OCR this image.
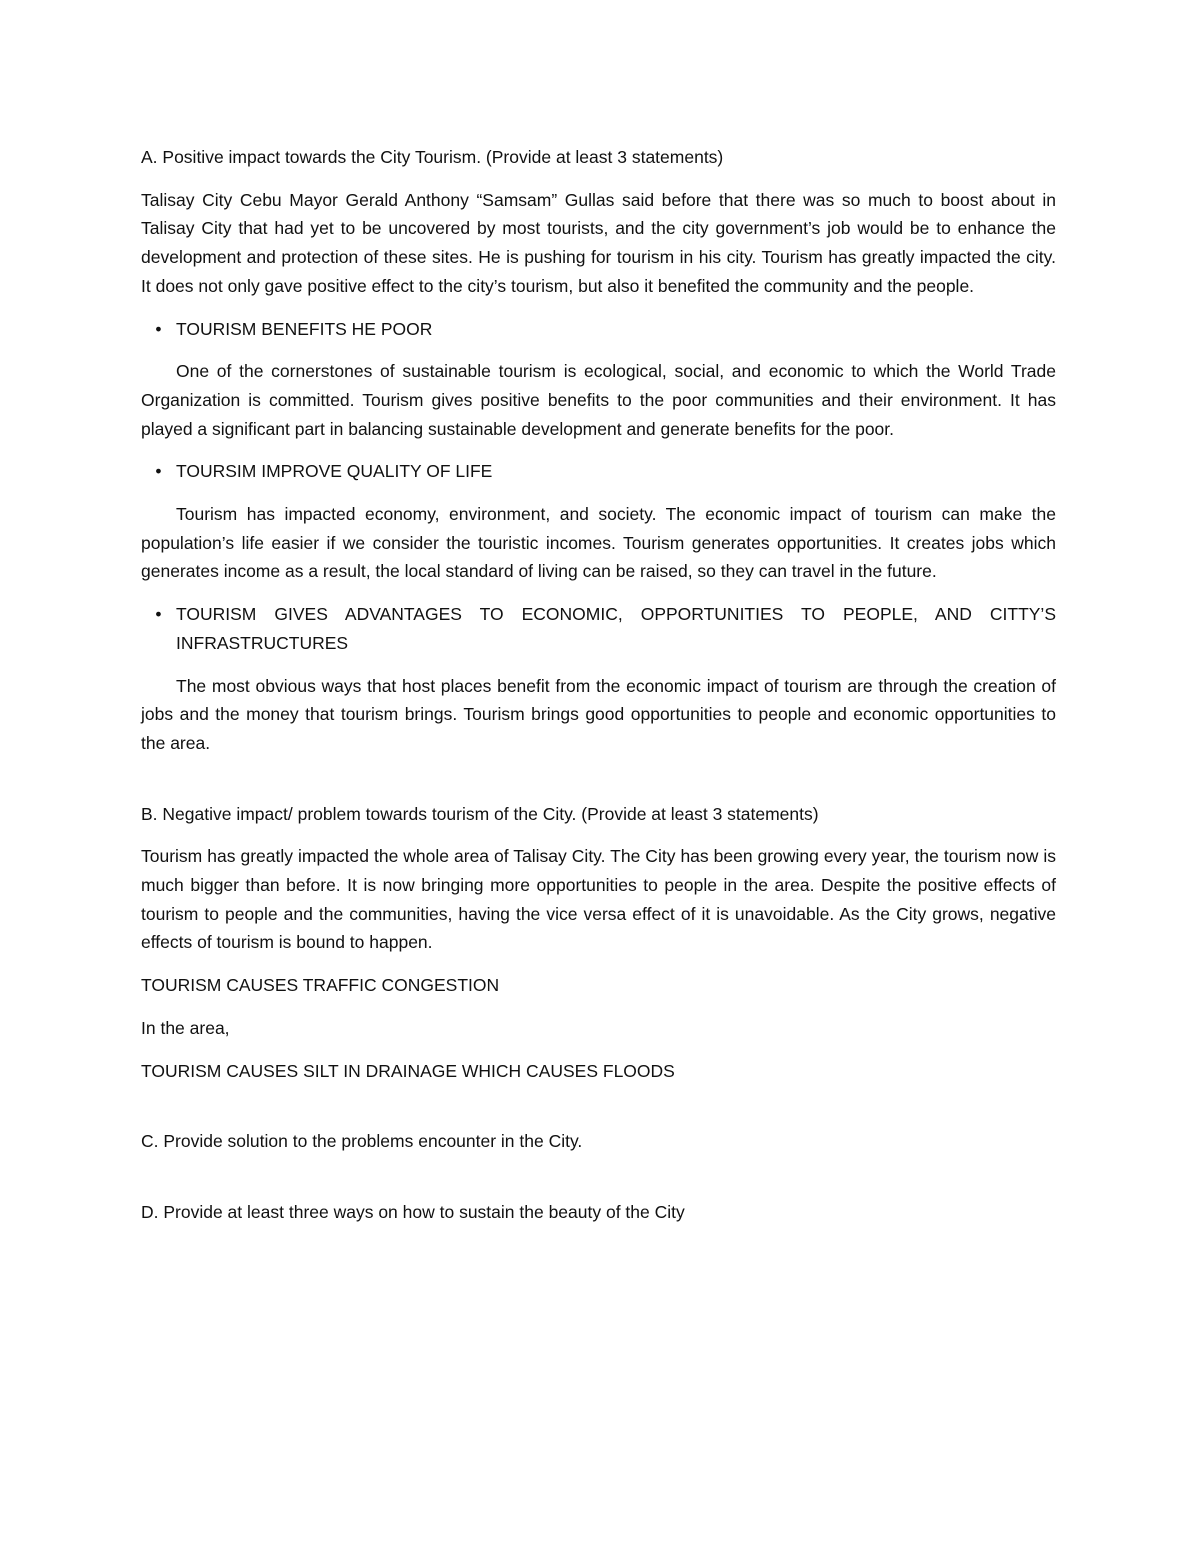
A. Positive impact towards the City Tourism. (Provide at least 3 statements)

Talisay City Cebu Mayor Gerald Anthony “Samsam” Gullas said before that there was so much to boost about in Talisay City that had yet to be uncovered by most tourists, and the city government’s job would be to enhance the development and protection of these sites. He is pushing for tourism in his city. Tourism has greatly impacted the city. It does not only gave positive effect to the city’s tourism, but also it benefited the community and the people.

• TOURISM BENEFITS HE POOR

One of the cornerstones of sustainable tourism is ecological, social, and economic to which the World Trade Organization is committed. Tourism gives positive benefits to the poor communities and their environment. It has played a significant part in balancing sustainable development and generate benefits for the poor.

• TOURSIM IMPROVE QUALITY OF LIFE

Tourism has impacted economy, environment, and society. The economic impact of tourism can make the population’s life easier if we consider the touristic incomes. Tourism generates opportunities. It creates jobs which generates income as a result, the local standard of living can be raised, so they can travel in the future.

• TOURISM GIVES ADVANTAGES TO ECONOMIC, OPPORTUNITIES TO PEOPLE, AND CITTY’S INFRASTRUCTURES

The most obvious ways that host places benefit from the economic impact of tourism are through the creation of jobs and the money that tourism brings. Tourism brings good opportunities to people and economic opportunities to the area.

B. Negative impact/ problem towards tourism of the City. (Provide at least 3 statements)

Tourism has greatly impacted the whole area of Talisay City. The City has been growing every year, the tourism now is much bigger than before. It is now bringing more opportunities to people in the area. Despite the positive effects of tourism to people and the communities, having the vice versa effect of it is unavoidable. As the City grows, negative effects of tourism is bound to happen.

TOURISM CAUSES TRAFFIC CONGESTION

In the area,

TOURISM CAUSES SILT IN DRAINAGE WHICH CAUSES FLOODS

C. Provide solution to the problems encounter in the City.

D. Provide at least three ways on how to sustain the beauty of the City
